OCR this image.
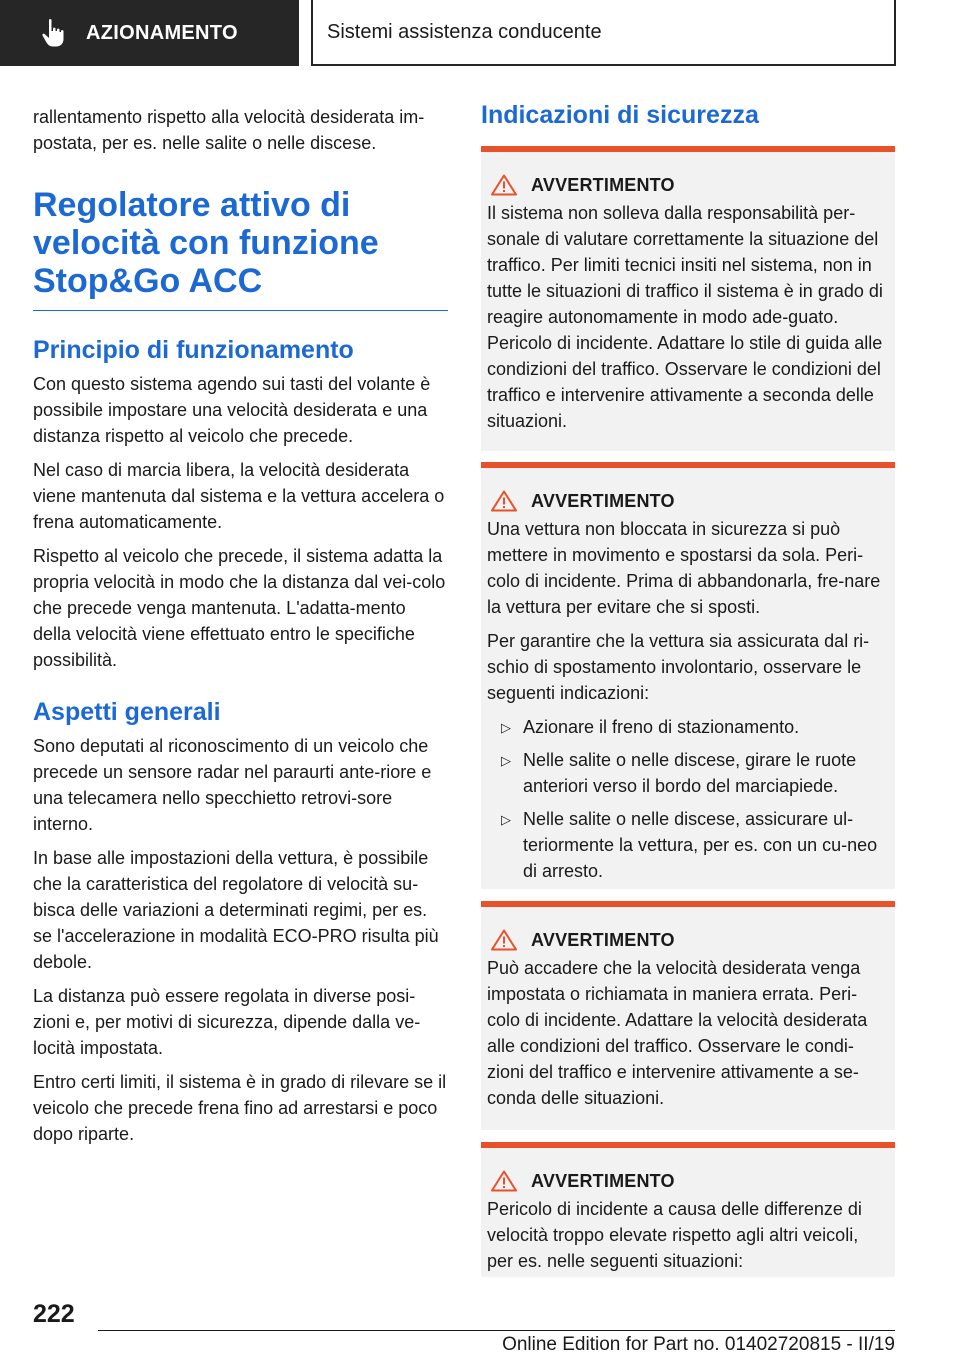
AZIONAMENTO	Sistemi assistenza conducente

rallentamento rispetto alla velocità desiderata im-postata, per es. nelle salite o nelle discese.

Regolatore attivo di velocità con funzione Stop&Go ACC
Principio di funzionamento

Con questo sistema agendo sui tasti del volante è possibile impostare una velocità desiderata e una distanza rispetto al veicolo che precede.

Nel caso di marcia libera, la velocità desiderata viene mantenuta dal sistema e la vettura accelera o frena automaticamente.

Rispetto al veicolo che precede, il sistema adatta la propria velocità in modo che la distanza dal vei-colo che precede venga mantenuta. L'adatta-mento della velocità viene effettuato entro le specifiche possibilità.

Aspetti generali

Sono deputati al riconoscimento di un veicolo che precede un sensore radar nel paraurti ante-riore e una telecamera nello specchietto retrovi-sore interno.

In base alle impostazioni della vettura, è possibile che la caratteristica del regolatore di velocità su-bisca delle variazioni a determinati regimi, per es. se l'accelerazione in modalità ECO-PRO risulta più debole.

La distanza può essere regolata in diverse posi-zioni e, per motivi di sicurezza, dipende dalla ve-locità impostata.

Entro certi limiti, il sistema è in grado di rilevare se il veicolo che precede frena fino ad arrestarsi e poco dopo riparte.

Indicazioni di sicurezza
AVVERTIMENTO

Il sistema non solleva dalla responsabilità per-sonale di valutare correttamente la situazione del traffico. Per limiti tecnici insiti nel sistema, non in tutte le situazioni di traffico il sistema è in grado di reagire autonomamente in modo ade-guato. Pericolo di incidente. Adattare lo stile di guida alle condizioni del traffico. Osservare le condizioni del traffico e intervenire attivamente a seconda delle situazioni.

AVVERTIMENTO

Una vettura non bloccata in sicurezza si può mettere in movimento e spostarsi da sola. Peri-colo di incidente. Prima di abbandonarla, fre-nare la vettura per evitare che si sposti.

Per garantire che la vettura sia assicurata dal ri-schio di spostamento involontario, osservare le seguenti indicazioni:

▷ Azionare il freno di stazionamento.
▷ Nelle salite o nelle discese, girare le ruote anteriori verso il bordo del marciapiede.
▷ Nelle salite o nelle discese, assicurare ul-teriormente la vettura, per es. con un cu-neo di arresto.
AVVERTIMENTO

Può accadere che la velocità desiderata venga impostata o richiamata in maniera errata. Peri-colo di incidente. Adattare la velocità desiderata alle condizioni del traffico. Osservare le condi-zioni del traffico e intervenire attivamente a se-conda delle situazioni.

AVVERTIMENTO

Pericolo di incidente a causa delle differenze di velocità troppo elevate rispetto agli altri veicoli, per es. nelle seguenti situazioni:

222
Online Edition for Part no. 01402720815 - II/19
